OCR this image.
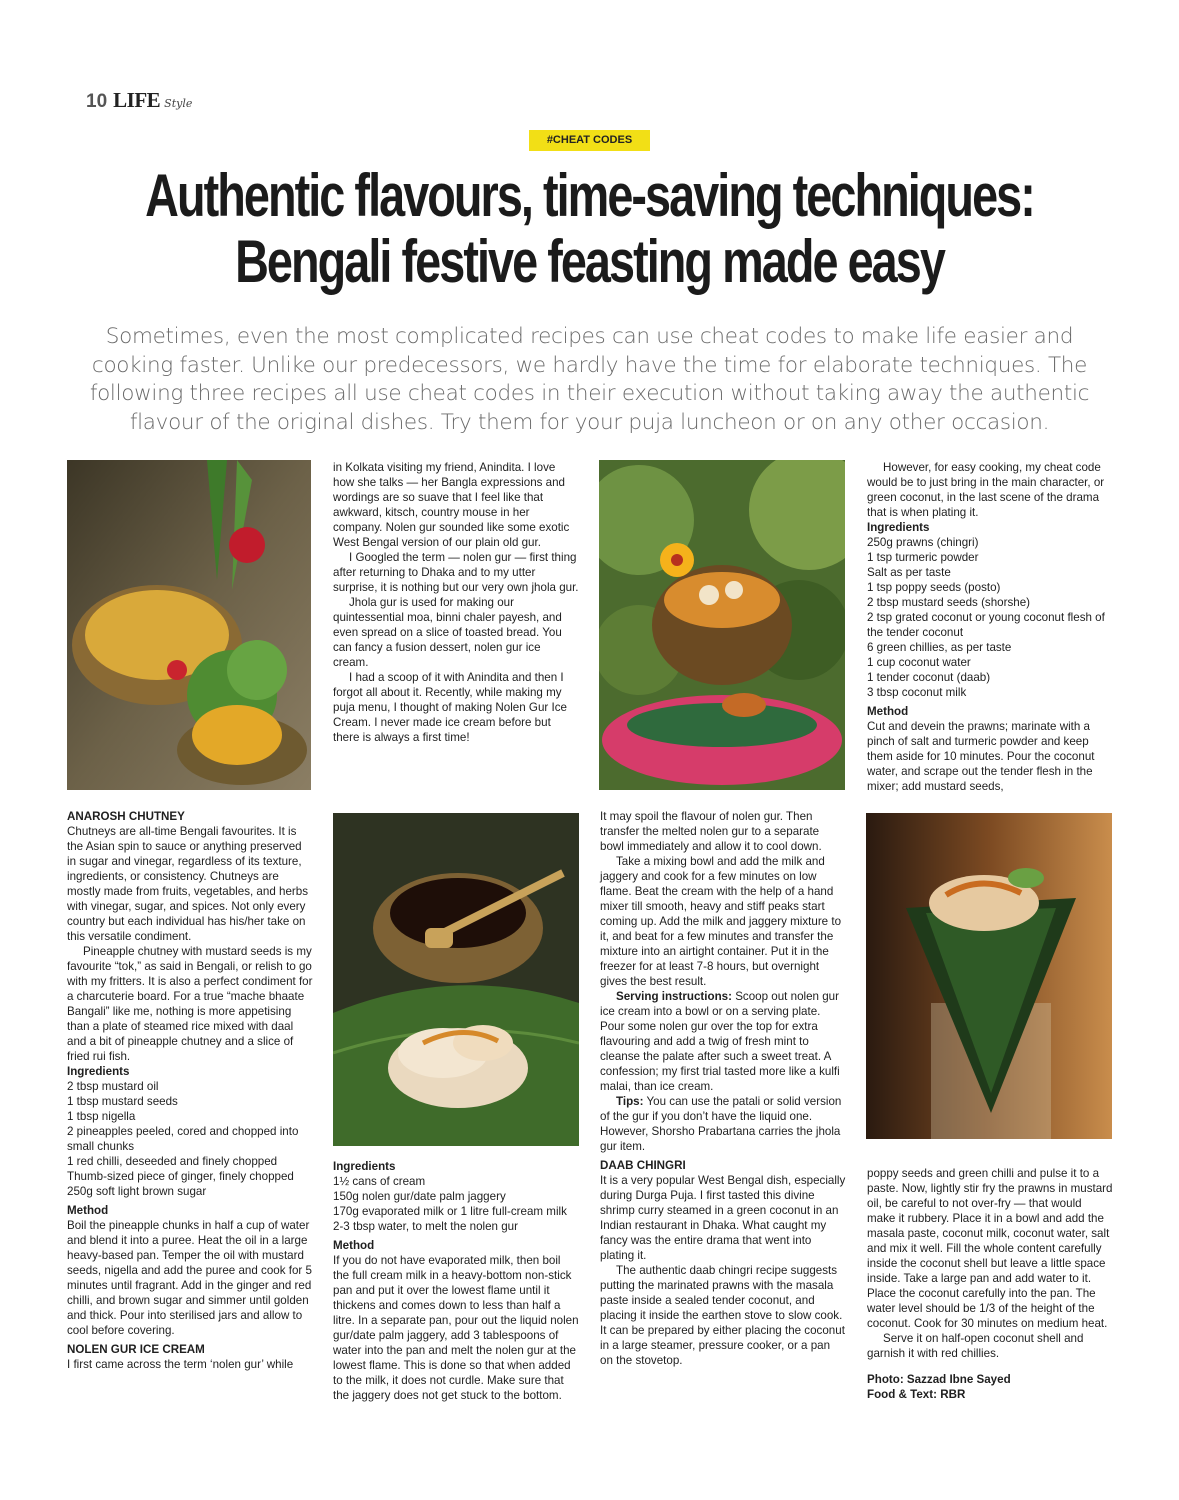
10 LIFE Style
#CHEAT CODES
Authentic flavours, time-saving techniques:
Bengali festive feasting made easy

Sometimes, even the most complicated recipes can use cheat codes to make life easier and cooking faster. Unlike our predecessors, we hardly have the time for elaborate techniques. The following three recipes all use cheat codes in their execution without taking away the authentic flavour of the original dishes. Try them for your puja luncheon or on any other occasion.

in Kolkata visiting my friend, Anindita. I love how she talks — her Bangla expressions and wordings are so suave that I feel like that awkward, kitsch, country mouse in her company. Nolen gur sounded like some exotic West Bengal version of our plain old gur.

I Googled the term — nolen gur — first thing after returning to Dhaka and to my utter surprise, it is nothing but our very own jhola gur.

Jhola gur is used for making our quintessential moa, binni chaler payesh, and even spread on a slice of toasted bread. You can fancy a fusion dessert, nolen gur ice cream.

I had a scoop of it with Anindita and then I forgot all about it. Recently, while making my puja menu, I thought of making Nolen Gur Ice Cream. I never made ice cream before but there is always a first time!

However, for easy cooking, my cheat code would be to just bring in the main character, or green coconut, in the last scene of the drama that is when plating it.

Ingredients

250g prawns (chingri)

1 tsp turmeric powder

Salt as per taste

1 tsp poppy seeds (posto)

2 tbsp mustard seeds (shorshe)

2 tsp grated coconut or young coconut flesh of the tender coconut

6 green chillies, as per taste

1 cup coconut water

1 tender coconut (daab)

3 tbsp coconut milk

Method

Cut and devein the prawns; marinate with a pinch of salt and turmeric powder and keep them aside for 10 minutes. Pour the coconut water, and scrape out the tender flesh in the mixer; add mustard seeds,

ANAROSH CHUTNEY

Chutneys are all-time Bengali favourites. It is the Asian spin to sauce or anything preserved in sugar and vinegar, regardless of its texture, ingredients, or consistency. Chutneys are mostly made from fruits, vegetables, and herbs with vinegar, sugar, and spices. Not only every country but each individual has his/her take on this versatile condiment.

Pineapple chutney with mustard seeds is my favourite “tok,” as said in Bengali, or relish to go with my fritters. It is also a perfect condiment for a charcuterie board. For a true “mache bhaate Bangali” like me, nothing is more appetising than a plate of steamed rice mixed with daal and a bit of pineapple chutney and a slice of fried rui fish.

Ingredients

2 tbsp mustard oil

1 tbsp mustard seeds

1 tbsp nigella

2 pineapples peeled, cored and chopped into small chunks

1 red chilli, deseeded and finely chopped

Thumb-sized piece of ginger, finely chopped

250g soft light brown sugar

Method

Boil the pineapple chunks in half a cup of water and blend it into a puree. Heat the oil in a large heavy-based pan. Temper the oil with mustard seeds, nigella and add the puree and cook for 5 minutes until fragrant. Add in the ginger and red chilli, and brown sugar and simmer until golden and thick. Pour into sterilised jars and allow to cool before covering.

NOLEN GUR ICE CREAM

I first came across the term ‘nolen gur’ while

Ingredients

1½ cans of cream

150g nolen gur/date palm jaggery

170g evaporated milk or 1 litre full-cream milk

2-3 tbsp water, to melt the nolen gur

Method

If you do not have evaporated milk, then boil the full cream milk in a heavy-bottom non-stick pan and put it over the lowest flame until it thickens and comes down to less than half a litre. In a separate pan, pour out the liquid nolen gur/date palm jaggery, add 3 tablespoons of water into the pan and melt the nolen gur at the lowest flame. This is done so that when added to the milk, it does not curdle. Make sure that the jaggery does not get stuck to the bottom.

It may spoil the flavour of nolen gur. Then transfer the melted nolen gur to a separate bowl immediately and allow it to cool down.

Take a mixing bowl and add the milk and jaggery and cook for a few minutes on low flame. Beat the cream with the help of a hand mixer till smooth, heavy and stiff peaks start coming up. Add the milk and jaggery mixture to it, and beat for a few minutes and transfer the mixture into an airtight container. Put it in the freezer for at least 7-8 hours, but overnight gives the best result.

Serving instructions: Scoop out nolen gur ice cream into a bowl or on a serving plate. Pour some nolen gur over the top for extra flavouring and add a twig of fresh mint to cleanse the palate after such a sweet treat. A confession; my first trial tasted more like a kulfi malai, than ice cream.

Tips: You can use the patali or solid version of the gur if you don’t have the liquid one. However, Shorsho Prabartana carries the jhola gur item.

DAAB CHINGRI

It is a very popular West Bengal dish, especially during Durga Puja. I first tasted this divine shrimp curry steamed in a green coconut in an Indian restaurant in Dhaka. What caught my fancy was the entire drama that went into plating it.

The authentic daab chingri recipe suggests putting the marinated prawns with the masala paste inside a sealed tender coconut, and placing it inside the earthen stove to slow cook. It can be prepared by either placing the coconut in a large steamer, pressure cooker, or a pan on the stovetop.

poppy seeds and green chilli and pulse it to a paste. Now, lightly stir fry the prawns in mustard oil, be careful to not over-fry — that would make it rubbery. Place it in a bowl and add the masala paste, coconut milk, coconut water, salt and mix it well. Fill the whole content carefully inside the coconut shell but leave a little space inside. Take a large pan and add water to it. Place the coconut carefully into the pan. The water level should be 1/3 of the height of the coconut. Cook for 30 minutes on medium heat.

Serve it on half-open coconut shell and garnish it with red chillies.

Photo: Sazzad Ibne Sayed

Food & Text: RBR
